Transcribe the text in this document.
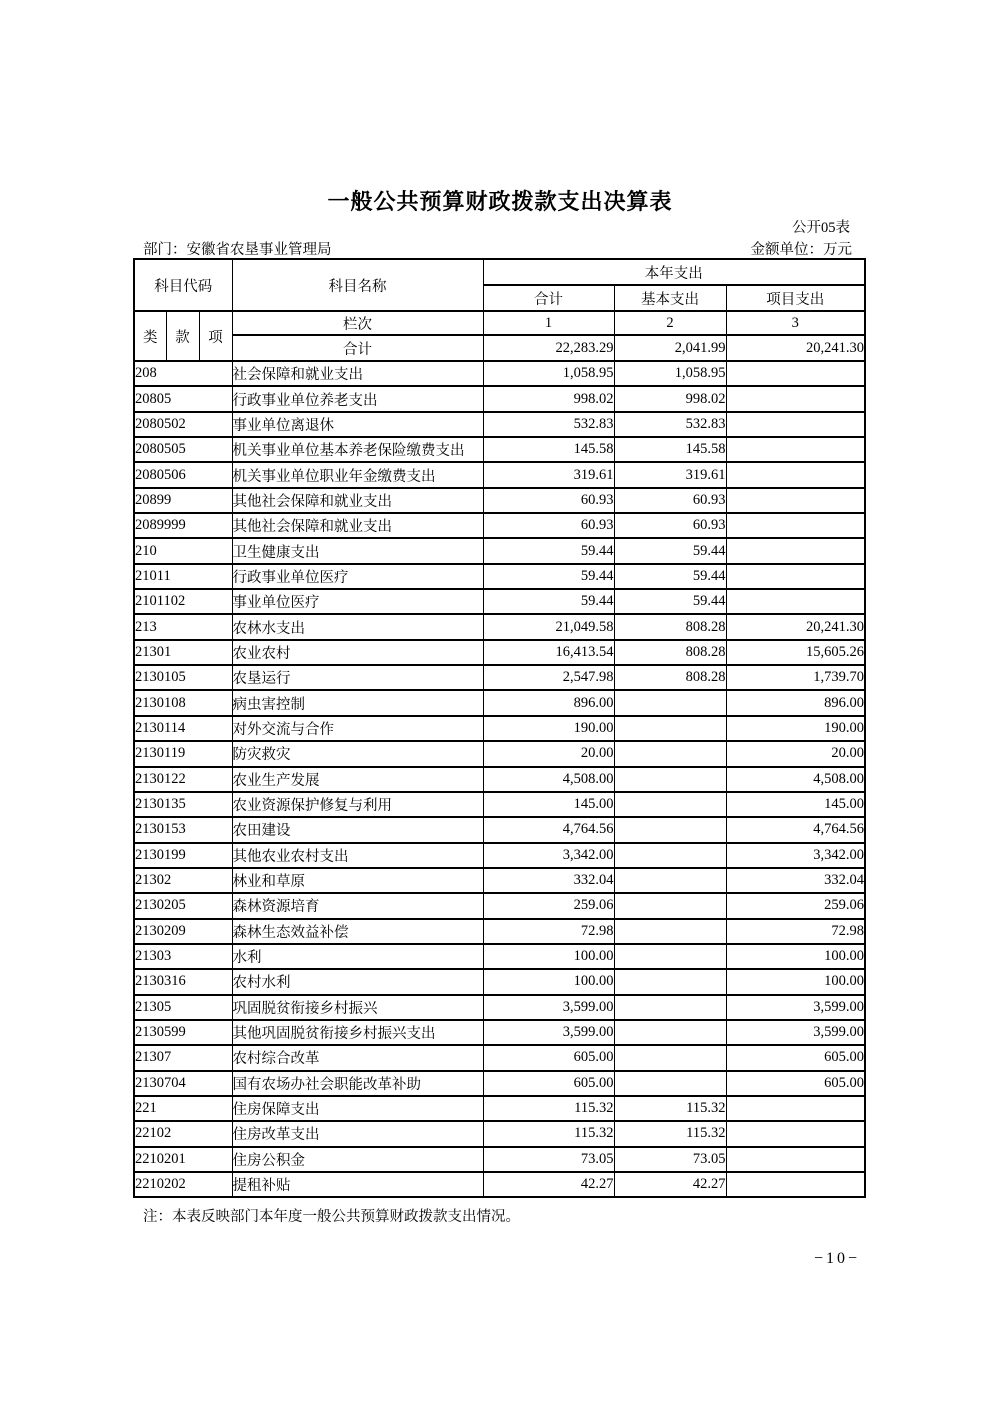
一般公共预算财政拨款支出决算表
公开05表
部门：安徽省农垦事业管理局	金额单位：万元
科目代码			科目名称	本年支出		
				合计	基本支出	项目支出
类	款	项	栏次	1	2	3
			合计	22,283.29	2,041.99	20,241.30
208			社会保障和就业支出	1,058.95	1,058.95	
20805			行政事业单位养老支出	998.02	998.02	
2080502			事业单位离退休	532.83	532.83	
2080505			机关事业单位基本养老保险缴费支出	145.58	145.58	
2080506			机关事业单位职业年金缴费支出	319.61	319.61	
20899			其他社会保障和就业支出	60.93	60.93	
2089999			其他社会保障和就业支出	60.93	60.93	
210			卫生健康支出	59.44	59.44	
21011			行政事业单位医疗	59.44	59.44	
2101102			事业单位医疗	59.44	59.44	
213			农林水支出	21,049.58	808.28	20,241.30
21301			农业农村	16,413.54	808.28	15,605.26
2130105			农垦运行	2,547.98	808.28	1,739.70
2130108			病虫害控制	896.00		896.00
2130114			对外交流与合作	190.00		190.00
2130119			防灾救灾	20.00		20.00
2130122			农业生产发展	4,508.00		4,508.00
2130135			农业资源保护修复与利用	145.00		145.00
2130153			农田建设	4,764.56		4,764.56
2130199			其他农业农村支出	3,342.00		3,342.00
21302			林业和草原	332.04		332.04
2130205			森林资源培育	259.06		259.06
2130209			森林生态效益补偿	72.98		72.98
21303			水利	100.00		100.00
2130316			农村水利	100.00		100.00
21305			巩固脱贫衔接乡村振兴	3,599.00		3,599.00
2130599			其他巩固脱贫衔接乡村振兴支出	3,599.00		3,599.00
21307			农村综合改革	605.00		605.00
2130704			国有农场办社会职能改革补助	605.00		605.00
221			住房保障支出	115.32	115.32	
22102			住房改革支出	115.32	115.32	
2210201			住房公积金	73.05	73.05	
2210202			提租补贴	42.27	42.27	
注：本表反映部门本年度一般公共预算财政拨款支出情况。
−10−
